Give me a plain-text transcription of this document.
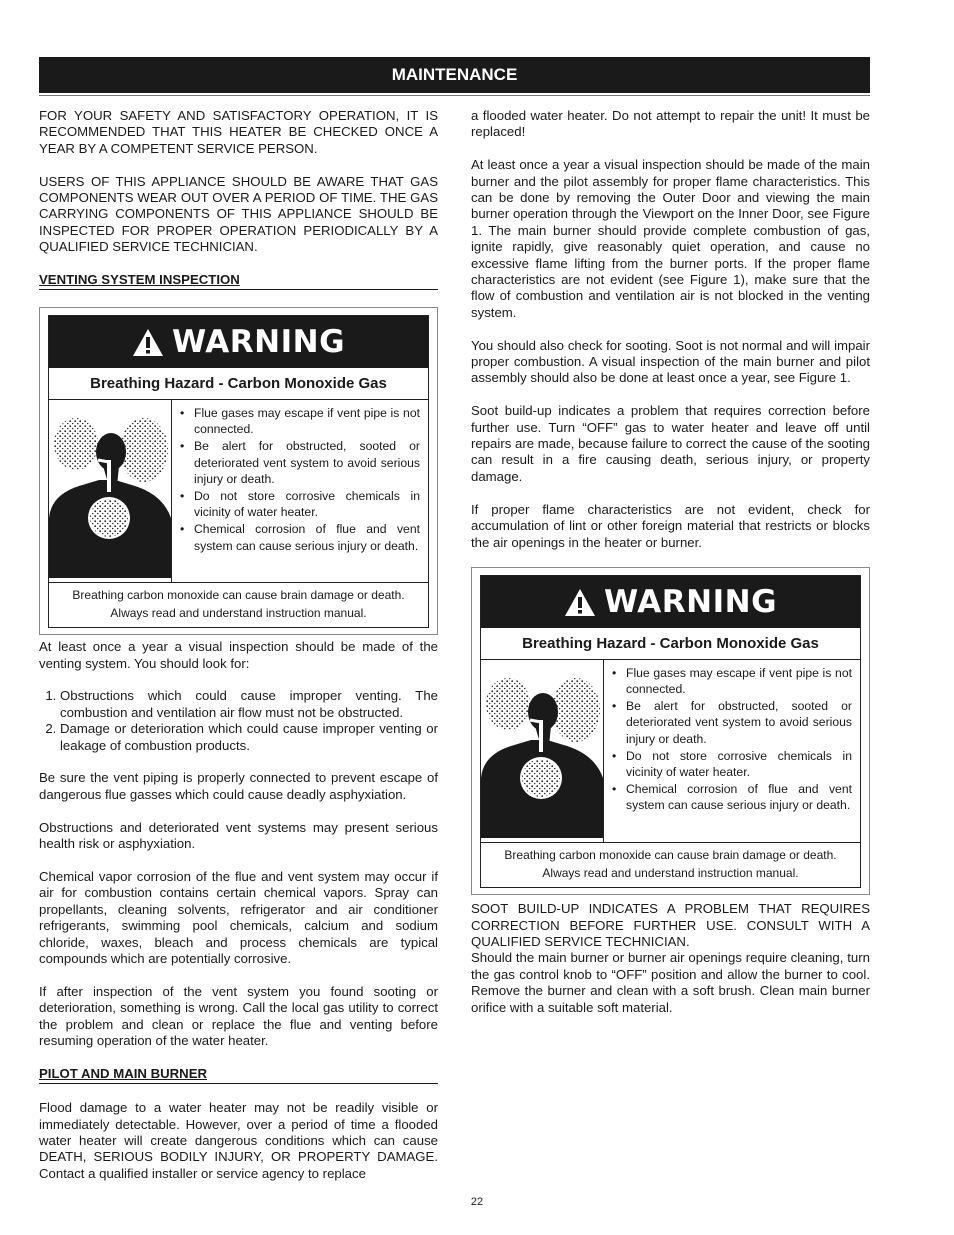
MAINTENANCE

FOR YOUR SAFETY AND SATISFACTORY OPERATION, IT IS RECOMMENDED THAT THIS HEATER BE CHECKED ONCE A YEAR BY A COMPETENT SERVICE PERSON.

USERS OF THIS APPLIANCE SHOULD BE AWARE THAT GAS COMPONENTS WEAR OUT OVER A PERIOD OF TIME. THE GAS CARRYING COMPONENTS OF THIS APPLIANCE SHOULD BE INSPECTED FOR PROPER OPERATION PERIODICALLY BY A QUALIFIED SERVICE TECHNICIAN.

VENTING SYSTEM INSPECTION
WARNING
Breathing Hazard - Carbon Monoxide Gas
• Flue gases may escape if vent pipe is not connected.
• Be alert for obstructed, sooted or deteriorated vent system to avoid serious injury or death.
• Do not store corrosive chemicals in vicinity of water heater.
• Chemical corrosion of flue and vent system can cause serious injury or death.
Breathing carbon monoxide can cause brain damage or death.
Always read and understand instruction manual.

At least once a year a visual inspection should be made of the venting system. You should look for:

1. Obstructions which could cause improper venting. The combustion and ventilation air flow must not be obstructed.
2. Damage or deterioration which could cause improper venting or leakage of combustion products.

Be sure the vent piping is properly connected to prevent escape of dangerous flue gasses which could cause deadly asphyxiation.

Obstructions and deteriorated vent systems may present serious health risk or asphyxiation.

Chemical vapor corrosion of the flue and vent system may occur if air for combustion contains certain chemical vapors. Spray can propellants, cleaning solvents, refrigerator and air conditioner refrigerants, swimming pool chemicals, calcium and sodium chloride, waxes, bleach and process chemicals are typical compounds which are potentially corrosive.

If after inspection of the vent system you found sooting or deterioration, something is wrong. Call the local gas utility to correct the problem and clean or replace the flue and venting before resuming operation of the water heater.

PILOT AND MAIN BURNER

Flood damage to a water heater may not be readily visible or immediately detectable. However, over a period of time a flooded water heater will create dangerous conditions which can cause DEATH, SERIOUS BODILY INJURY, OR PROPERTY DAMAGE. Contact a qualified installer or service agency to replace

a flooded water heater. Do not attempt to repair the unit! It must be replaced!

At least once a year a visual inspection should be made of the main burner and the pilot assembly for proper flame characteristics. This can be done by removing the Outer Door and viewing the main burner operation through the Viewport on the Inner Door, see Figure 1. The main burner should provide complete combustion of gas, ignite rapidly, give reasonably quiet operation, and cause no excessive flame lifting from the burner ports. If the proper flame characteristics are not evident (see Figure 1), make sure that the flow of combustion and ventilation air is not blocked in the venting system.

You should also check for sooting. Soot is not normal and will impair proper combustion. A visual inspection of the main burner and pilot assembly should also be done at least once a year, see Figure 1.

Soot build-up indicates a problem that requires correction before further use. Turn “OFF” gas to water heater and leave off until repairs are made, because failure to correct the cause of the sooting can result in a fire causing death, serious injury, or property damage.

If proper flame characteristics are not evident, check for accumulation of lint or other foreign material that restricts or blocks the air openings in the heater or burner.

WARNING
Breathing Hazard - Carbon Monoxide Gas
• Flue gases may escape if vent pipe is not connected.
• Be alert for obstructed, sooted or deteriorated vent system to avoid serious injury or death.
• Do not store corrosive chemicals in vicinity of water heater.
• Chemical corrosion of flue and vent system can cause serious injury or death.
Breathing carbon monoxide can cause brain damage or death.
Always read and understand instruction manual.

SOOT BUILD-UP INDICATES A PROBLEM THAT REQUIRES CORRECTION BEFORE FURTHER USE. CONSULT WITH A QUALIFIED SERVICE TECHNICIAN.

Should the main burner or burner air openings require cleaning, turn the gas control knob to “OFF” position and allow the burner to cool. Remove the burner and clean with a soft brush. Clean main burner orifice with a suitable soft material.

22
